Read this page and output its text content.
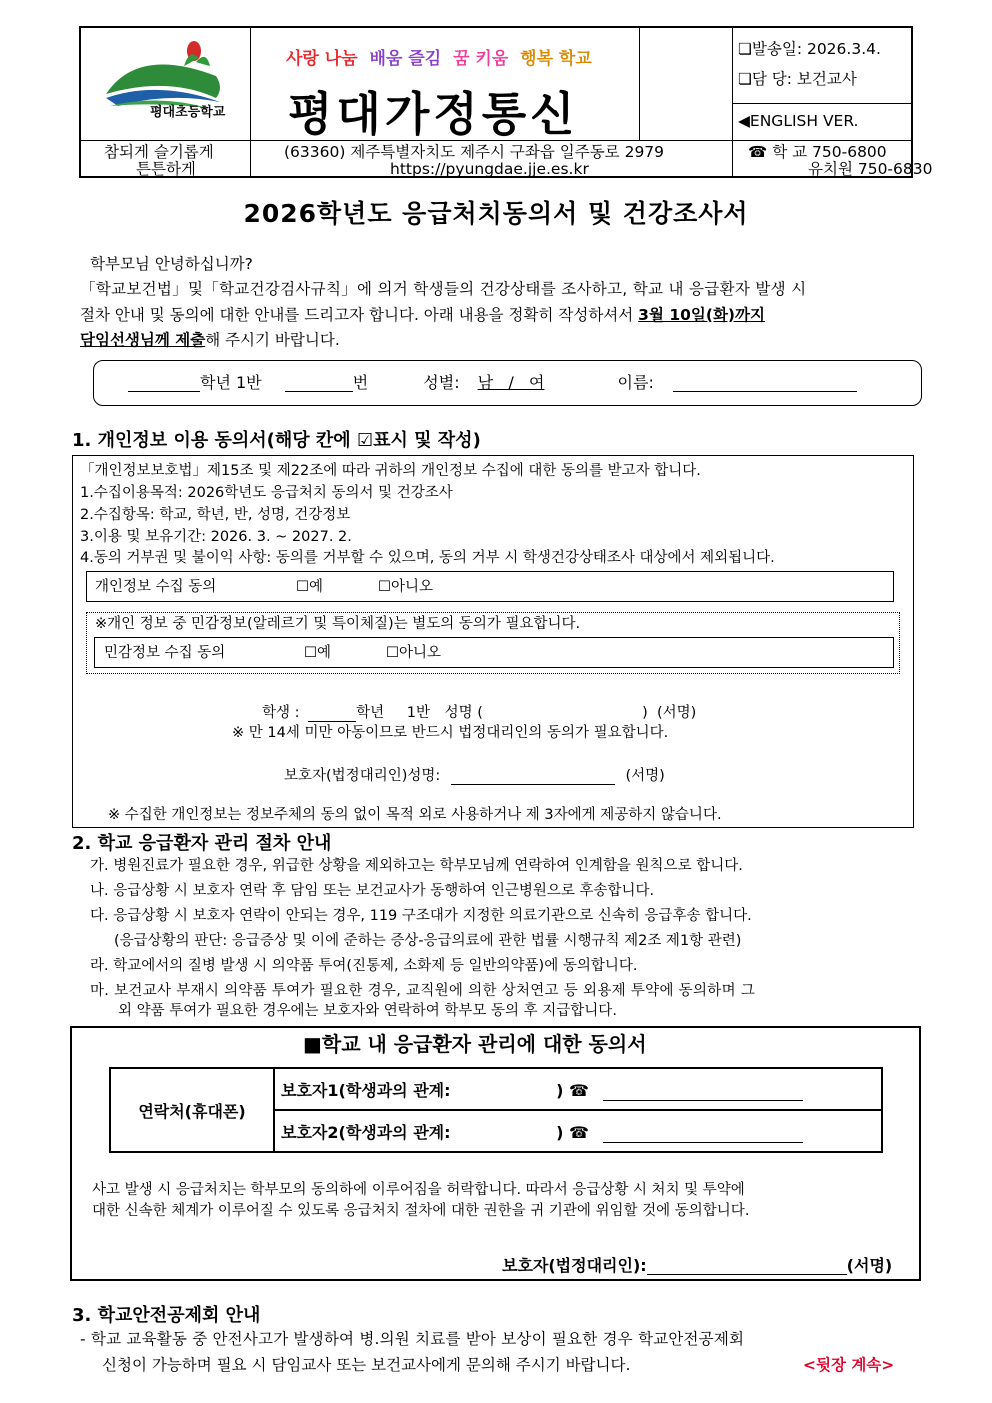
평대초등학교
사랑 나눔 배움 즐김 꿈 키움 행복 학교
평대가정통신
❏발송일: 2026.3.4.
❏담 당: 보건교사
◀ENGLISH VER.
참되게 슬기롭게
튼튼하게
(63360) 제주특별자치도 제주시 구좌읍 일주동로 2979
https://pyungdae.jje.es.kr
☎ 학 교 750-6800
유치원 750-6830
2026학년도 응급처치동의서 및 건강조사서
학부모님 안녕하십니까?
「학교보건법」및「학교건강검사규칙」에 의거 학생들의 건강상태를 조사하고, 학교 내 응급환자 발생 시
절차 안내 및 동의에 대한 안내를 드리고자 합니다. 아래 내용을 정확히 작성하셔서 3월 10일(화)까지
담임선생님께 제출해 주시기 바랍니다.
학년 1반	번	성별: 남   /   여	이름:
1. 개인정보 이용 동의서(해당 칸에 ☑표시 및 작성)
「개인정보보호법」제15조 및 제22조에 따라 귀하의 개인정보 수집에 대한 동의를 받고자 합니다.
1.수집이용목적: 2026학년도 응급처치 동의서 및 건강조사
2.수집항목: 학교, 학년, 반, 성명, 건강정보
3.이용 및 보유기간: 2026. 3. ~ 2027. 2.
4.동의 거부권 및 불이익 사항: 동의를 거부할 수 있으며, 동의 거부 시 학생건강상태조사 대상에서 제외됩니다.
개인정보 수집 동의	☐예	☐아니오
※개인 정보 중 민감정보(알레르기 및 특이체질)는 별도의 동의가 필요합니다.
민감정보 수집 동의	☐예	☐아니오
학생 :	학년 1반 성명 (	)  (서명)
※ 만 14세 미만 아동이므로 반드시 법정대리인의 동의가 필요합니다.
보호자(법정대리인)성명:	(서명)
※ 수집한 개인정보는 정보주체의 동의 없이 목적 외로 사용하거나 제 3자에게 제공하지 않습니다.
2. 학교 응급환자 관리 절차 안내
가. 병원진료가 필요한 경우, 위급한 상황을 제외하고는 학부모님께 연락하여 인계함을 원칙으로 합니다.
나. 응급상황 시 보호자 연락 후 담임 또는 보건교사가 동행하여 인근병원으로 후송합니다.
다. 응급상황 시 보호자 연락이 안되는 경우, 119 구조대가 지정한 의료기관으로 신속히 응급후송 합니다.
(응급상황의 판단: 응급증상 및 이에 준하는 증상-응급의료에 관한 법률 시행규칙 제2조 제1항 관련)
라. 학교에서의 질병 발생 시 의약품 투여(진통제, 소화제 등 일반의약품)에 동의합니다.
마. 보건교사 부재시 의약품 투여가 필요한 경우, 교직원에 의한 상처연고 등 외용제 투약에 동의하며 그
외 약품 투여가 필요한 경우에는 보호자와 연락하여 학부모 동의 후 지급합니다.
■학교 내 응급환자 관리에 대한 동의서
연락처(휴대폰)	보호자1(학생과의 관계:	) ☎
보호자2(학생과의 관계:	) ☎
사고 발생 시 응급처치는 학부모의 동의하에 이루어짐을 허락합니다. 따라서 응급상황 시 처치 및 투약에
대한 신속한 체계가 이루어질 수 있도록 응급처치 절차에 대한 권한을 귀 기관에 위임할 것에 동의합니다.
보호자(법정대리인):	(서명)
3. 학교안전공제회 안내
- 학교 교육활동 중 안전사고가 발생하여 병.의원 치료를 받아 보상이 필요한 경우 학교안전공제회
신청이 가능하며 필요 시 담임교사 또는 보건교사에게 문의해 주시기 바랍니다.	<뒷장 계속>
